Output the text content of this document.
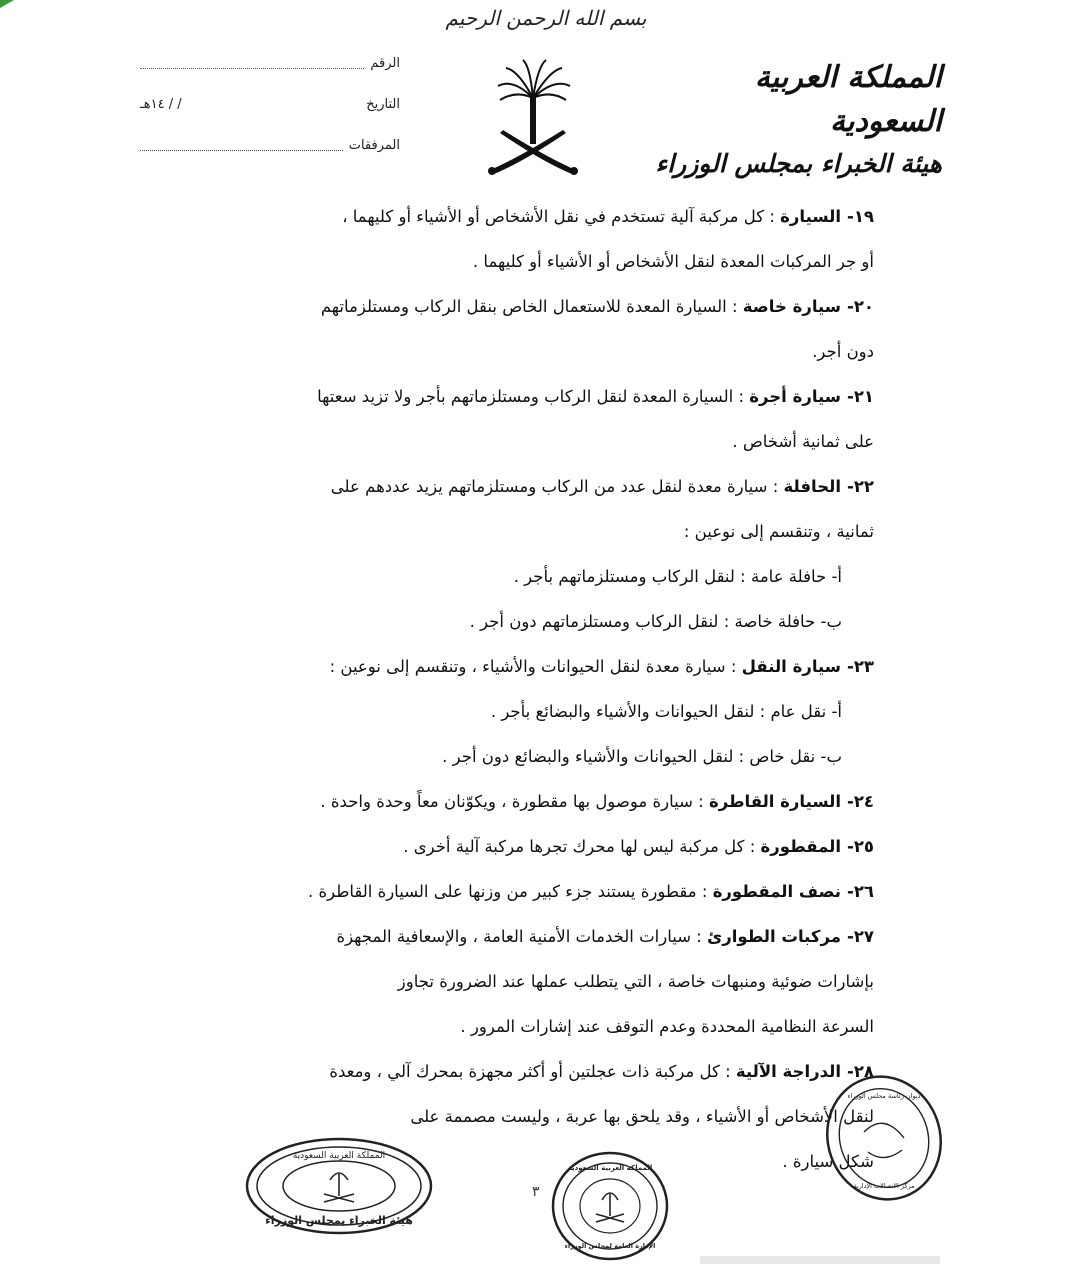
بسم الله الرحمن الرحيم
المملكة العربية السعودية
هيئة الخبراء بمجلس الوزراء
الرقم
التاريخ
/ / ١٤هـ
المرفقات

١٩-السيارة : كل مركبة آلية تستخدم في نقل الأشخاص أو الأشياء أو كليهما ،

أو جر المركبات المعدة لنقل الأشخاص أو الأشياء أو كليهما .

٢٠-سيارة خاصة : السيارة المعدة للاستعمال الخاص بنقل الركاب ومستلزماتهم

دون أجر.

٢١-سيارة أجرة : السيارة المعدة لنقل الركاب ومستلزماتهم بأجر ولا تزيد سعتها

على ثمانية أشخاص .

٢٢-الحافلة : سيارة معدة لنقل عدد من الركاب ومستلزماتهم يزيد عددهم على

ثمانية ، وتنقسم إلى نوعين :

أ- حافلة عامة : لنقل الركاب ومستلزماتهم بأجر .

ب- حافلة خاصة : لنقل الركاب ومستلزماتهم دون أجر .

٢٣-سيارة النقل : سيارة معدة لنقل الحيوانات والأشياء ، وتنقسم إلى نوعين :

أ- نقل عام : لنقل الحيوانات والأشياء والبضائع بأجر .

ب- نقل خاص : لنقل الحيوانات والأشياء والبضائع دون أجر .

٢٤-السيارة القاطرة : سيارة موصول بها مقطورة ، ويكوّنان معاً وحدة واحدة .

٢٥-المقطورة : كل مركبة ليس لها محرك تجرها مركبة آلية أخرى .

٢٦-نصف المقطورة : مقطورة يستند جزء كبير من وزنها على السيارة القاطرة .

٢٧-مركبات الطوارئ : سيارات الخدمات الأمنية العامة ، والإسعافية المجهزة

بإشارات ضوئية ومنبهات خاصة ، التي يتطلب عملها عند الضرورة تجاوز

السرعة النظامية المحددة وعدم التوقف عند إشارات المرور .

٢٨-الدراجة الآلية : كل مركبة ذات عجلتين أو أكثر مجهزة بمحرك آلي ، ومعدة

لنقل الأشخاص أو الأشياء ، وقد يلحق بها عربة ، وليست مصممة على

شكل سيارة .

المملكة العربية السعودية
هيئة الخبراء بمجلس الوزراء
المملكة العربية السعودية
الإدارة العامة لمجلس الوزراء
ديوان رئاسة مجلس الوزراء
مركز الاتصالات الإدارية
٣
